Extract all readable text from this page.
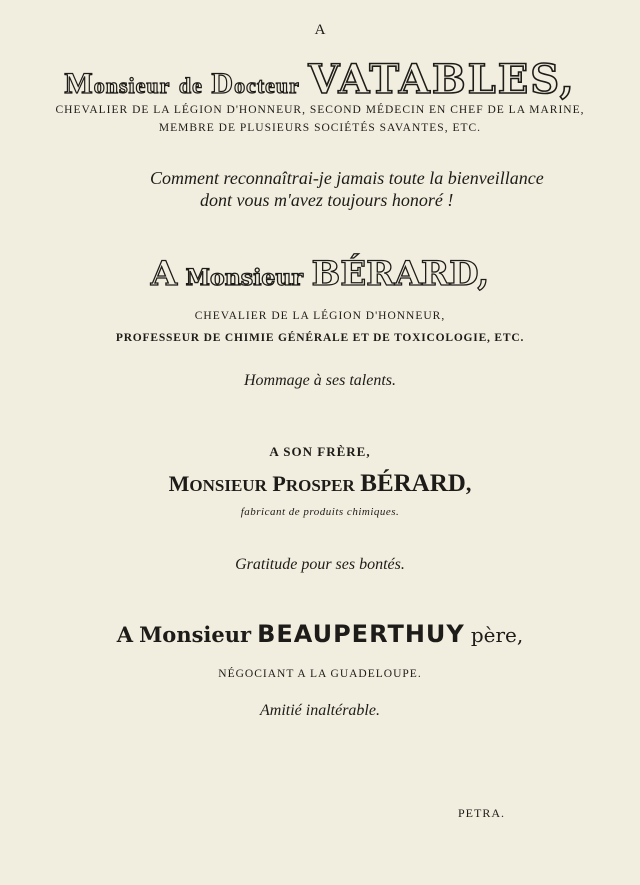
A
Monsieur de Docteur VATABLES,
CHEVALIER DE LA LÉGION D'HONNEUR, SECOND MÉDECIN EN CHEF DE LA MARINE,
MEMBRE DE PLUSIEURS SOCIÉTÉS SAVANTES, ETC.
Comment reconnaîtrai-je jamais toute la bienveillance
dont vous m'avez toujours honoré !
A Monsieur BÉRARD,
CHEVALIER DE LA LÉGION D'HONNEUR,
PROFESSEUR DE CHIMIE GÉNÉRALE ET DE TOXICOLOGIE, ETC.
Hommage à ses talents.
A SON FRÈRE,
MONSIEUR PROSPER BÉRARD,
fabricant de produits chimiques.
Gratitude pour ses bontés.
A Monsieur BEAUPERTHUY père,
NÉGOCIANT A LA GUADELOUPE.
Amitié inaltérable.
PETRA.
